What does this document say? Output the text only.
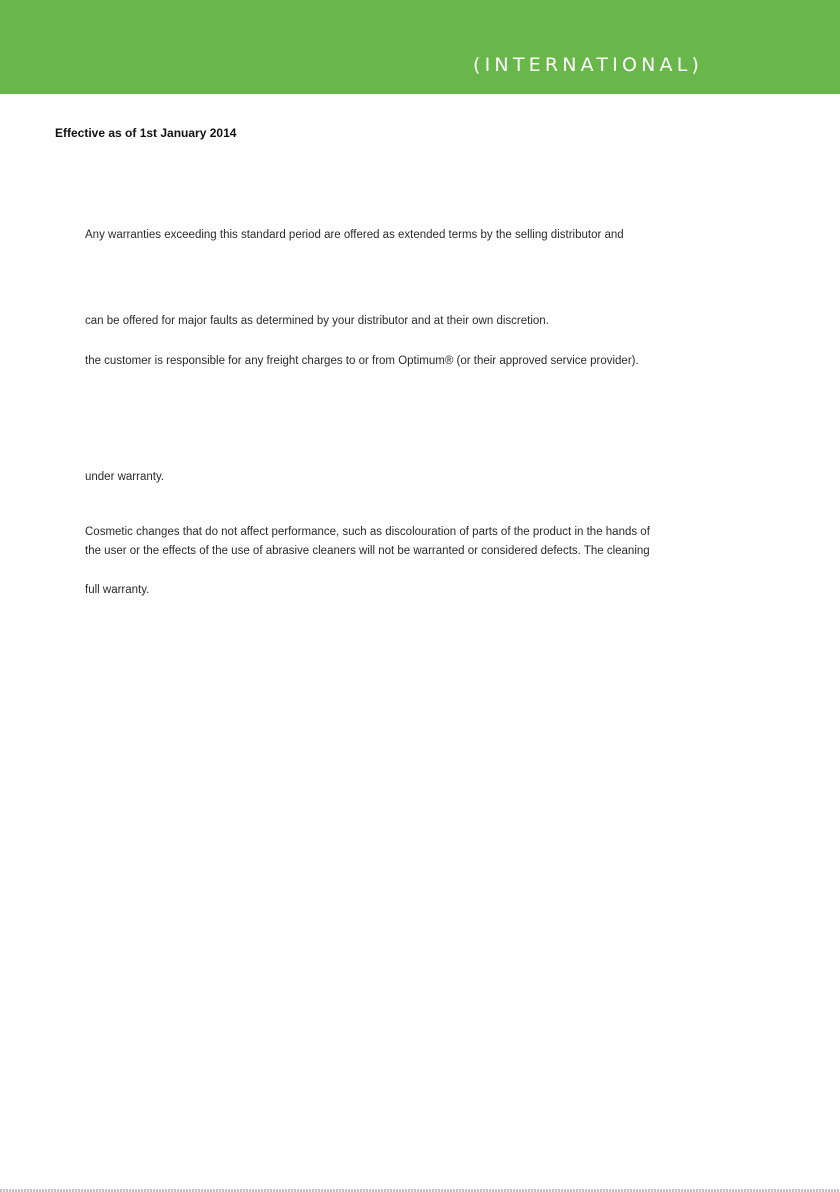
(INTERNATIONAL)
Effective as of 1st January 2014
Any warranties exceeding this standard period are offered as extended terms by the selling distributor and
can be offered for major faults as determined by your distributor and at their own discretion.
the customer is responsible for any freight charges to or from Optimum® (or their approved service provider).
under warranty.
Cosmetic changes that do not affect performance, such as discolouration of parts of the product in the hands of
the user or the effects of the use of abrasive cleaners will not be warranted or considered defects. The cleaning
full warranty.
